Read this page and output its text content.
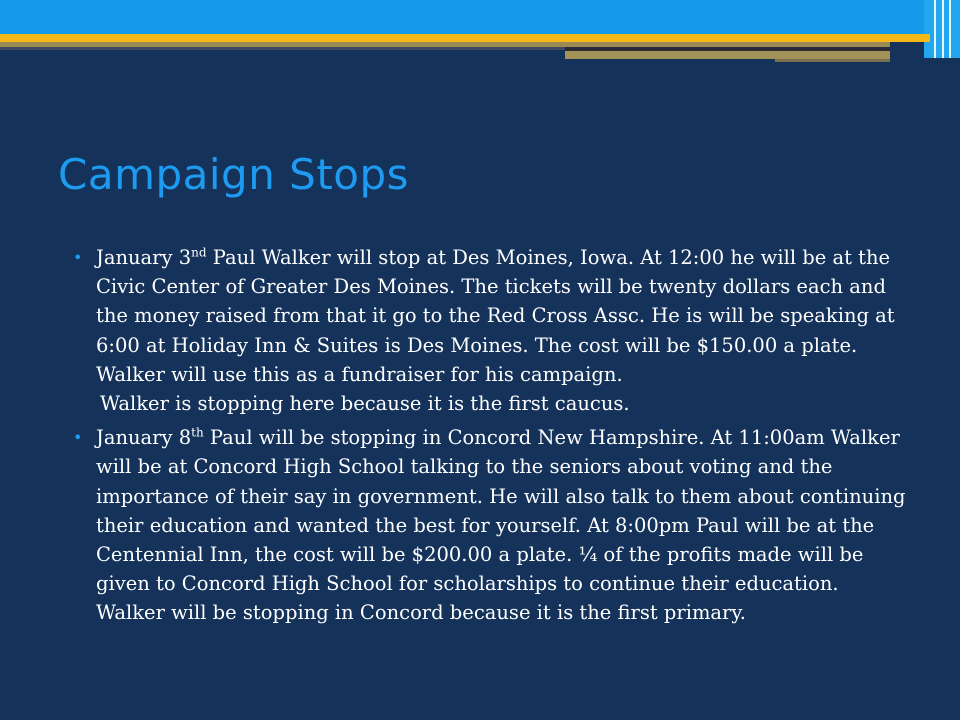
Campaign Stops
• January 3nd Paul Walker will stop at Des Moines, Iowa. At 12:00 he will be at the Civic Center of Greater Des Moines. The tickets will be twenty dollars each and the money raised from that it go to the Red Cross Assc. He is will be speaking at 6:00 at Holiday Inn & Suites is Des Moines. The cost will be $150.00 a plate. Walker will use this as a fundraiser for his campaign.
Walker is stopping here because it is the first caucus.
• January 8th Paul will be stopping in Concord New Hampshire. At 11:00am Walker will be at Concord High School talking to the seniors about voting and the importance of their say in government. He will also talk to them about continuing their education and wanted the best for yourself. At 8:00pm Paul will be at the Centennial Inn, the cost will be $200.00 a plate. ¼ of the profits made will be given to Concord High School for scholarships to continue their education. Walker will be stopping in Concord because it is the first primary.
